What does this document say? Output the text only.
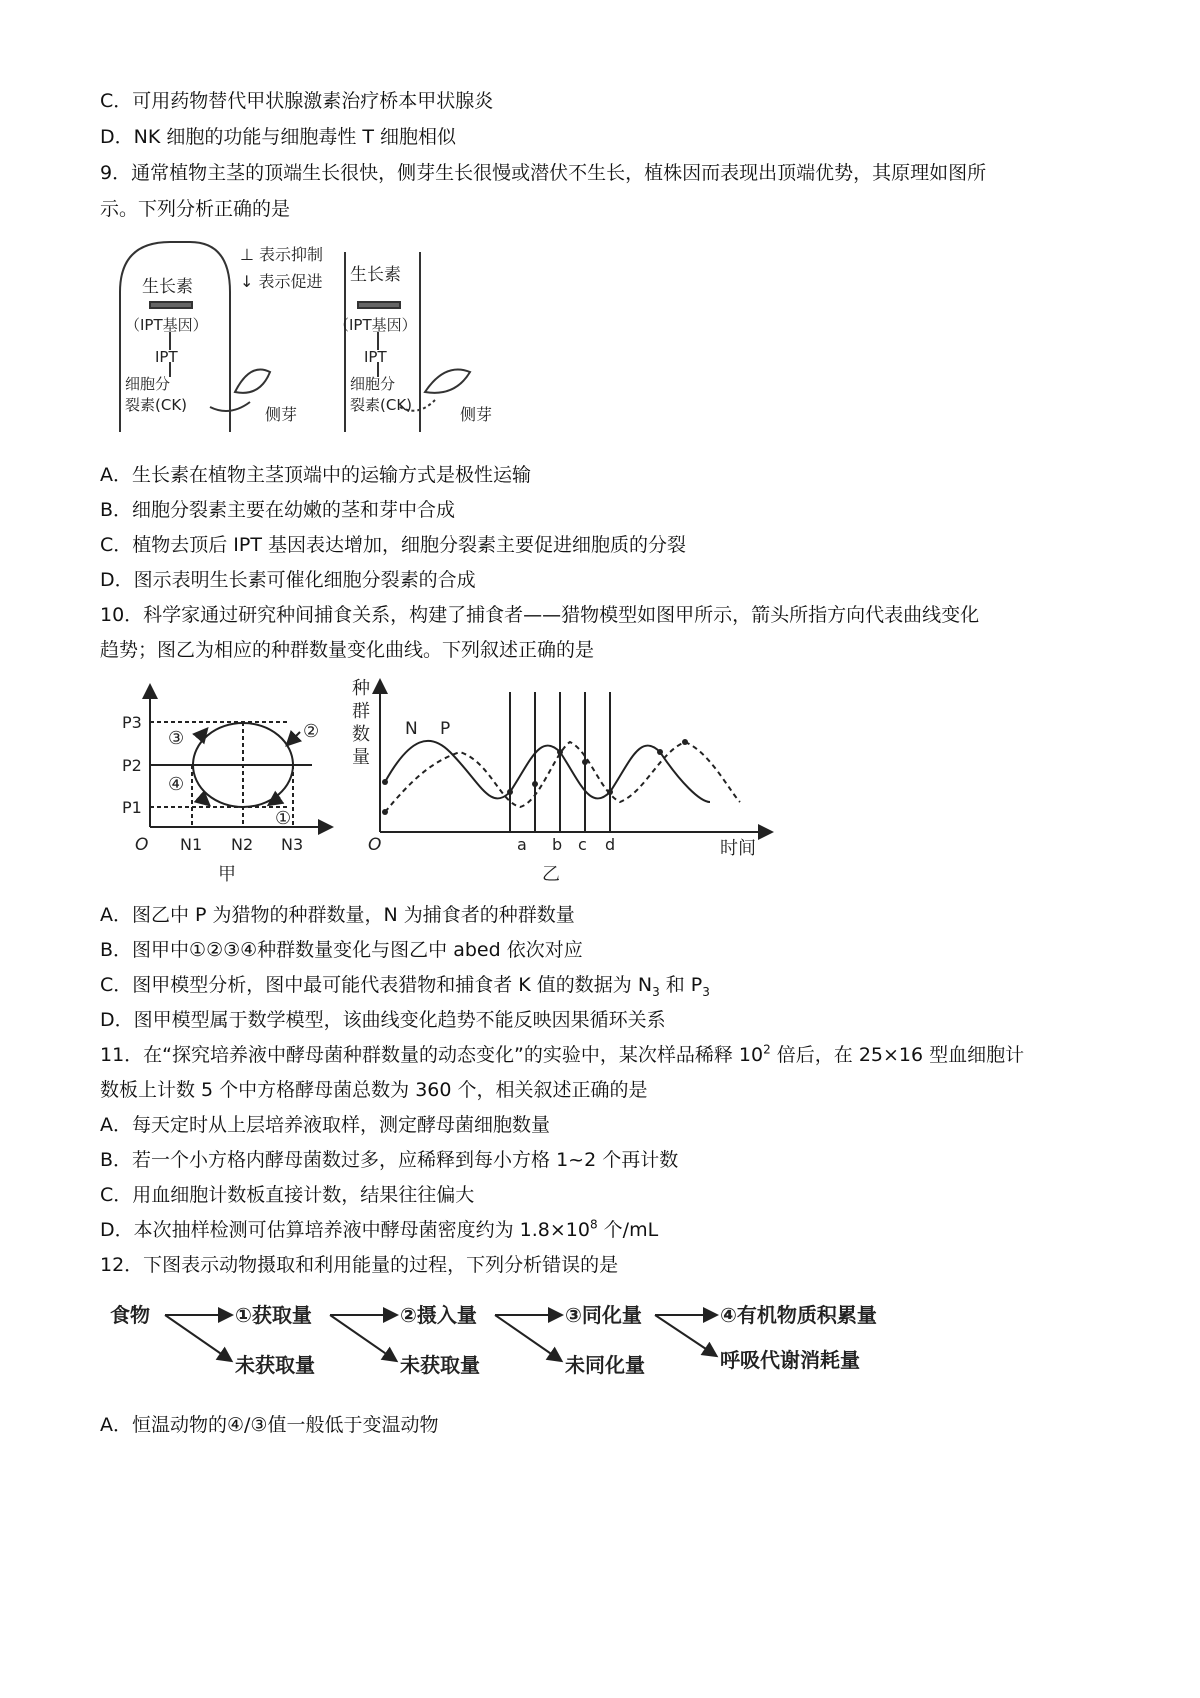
C．可用药物替代甲状腺激素治疗桥本甲状腺炎
D．NK 细胞的功能与细胞毒性 T 细胞相似
9．通常植物主茎的顶端生长很快，侧芽生长很慢或潜伏不生长，植株因而表现出顶端优势，其原理如图所
示。下列分析正确的是
生长素
（IPT基因）
IPT
细胞分
裂素(CK)	侧芽
⊥ 表示抑制
↓ 表示促进 生长素
（IPT基因）
IPT
细胞分
裂素(CK)	侧芽
A．生长素在植物主茎顶端中的运输方式是极性运输
B．细胞分裂素主要在幼嫩的茎和芽中合成
C．植物去顶后 IPT 基因表达增加，细胞分裂素主要促进细胞质的分裂
D．图示表明生长素可催化细胞分裂素的合成
10．科学家通过研究种间捕食关系，构建了捕食者——猎物模型如图甲所示，箭头所指方向代表曲线变化
趋势；图乙为相应的种群数量变化曲线。下列叙述正确的是
O
P3
P2
P1
N1 N2 N3
②
①
③
④
甲
种
群
数
量
O
N P
a b c d	时间
乙
A．图乙中 P 为猎物的种群数量，N 为捕食者的种群数量
B．图甲中①②③④种群数量变化与图乙中 abed 依次对应
C．图甲模型分析，图中最可能代表猎物和捕食者 K 值的数据为 $N_3$ 和 $P_3$
D．图甲模型属于数学模型，该曲线变化趋势不能反映因果循环关系
11．在“探究培养液中酵母菌种群数量的动态变化”的实验中，某次样品稀释 $10^2$ 倍后，在 25×16 型血细胞计
数板上计数 5 个中方格酵母菌总数为 360 个，相关叙述正确的是
A．每天定时从上层培养液取样，测定酵母菌细胞数量
B．若一个小方格内酵母菌数过多，应稀释到每小方格 1~2 个再计数
C．用血细胞计数板直接计数，结果往往偏大
D．本次抽样检测可估算培养液中酵母菌密度约为 $1.8\times 10^8$ 个/mL
12．下图表示动物摄取和利用能量的过程，下列分析错误的是
食物	①获取量	②摄入量	③同化量	④有机物质积累量
未获取量	未获取量	未同化量	呼吸代谢消耗量
A．恒温动物的④/③值一般低于变温动物
